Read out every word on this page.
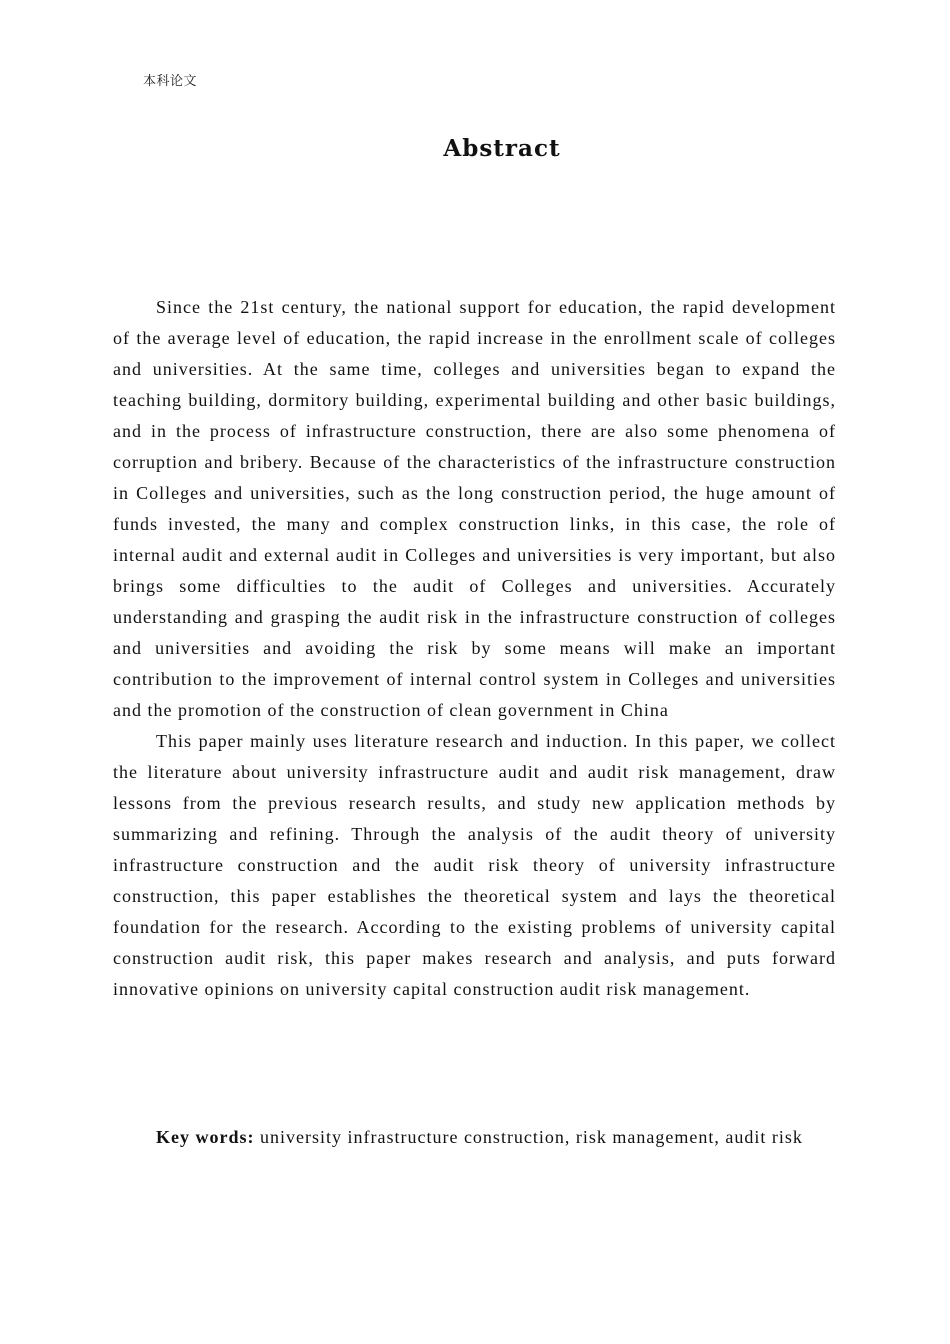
本科论文
Abstract

Since the 21st century, the national support for education, the rapid development of the average level of education, the rapid increase in the enrollment scale of colleges and universities. At the same time, colleges and universities began to expand the teaching building, dormitory building, experimental building and other basic buildings, and in the process of infrastructure construction, there are also some phenomena of corruption and bribery. Because of the characteristics of the infrastructure construction in Colleges and universities, such as the long construction period, the huge amount of funds invested, the many and complex construction links, in this case, the role of internal audit and external audit in Colleges and universities is very important, but also brings some difficulties to the audit of Colleges and universities. Accurately understanding and grasping the audit risk in the infrastructure construction of colleges and universities and avoiding the risk by some means will make an important contribution to the improvement of internal control system in Colleges and universities and the promotion of the construction of clean government in China

This paper mainly uses literature research and induction. In this paper, we collect the literature about university infrastructure audit and audit risk management, draw lessons from the previous research results, and study new application methods by summarizing and refining. Through the analysis of the audit theory of university infrastructure construction and the audit risk theory of university infrastructure construction, this paper establishes the theoretical system and lays the theoretical foundation for the research. According to the existing problems of university capital construction audit risk, this paper makes research and analysis, and puts forward innovative opinions on university capital construction audit risk management.

Key words: university infrastructure construction, risk management, audit risk
